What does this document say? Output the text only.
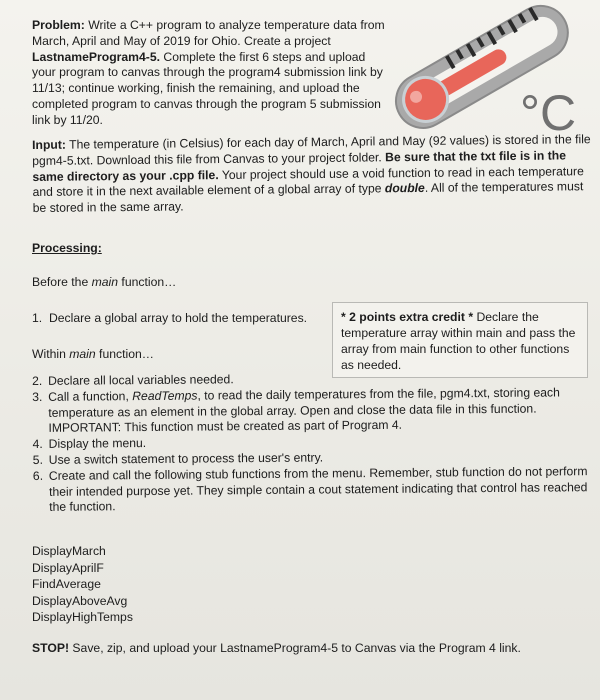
Problem: Write a C++ program to analyze temperature data from March, April and May of 2019 for Ohio. Create a project LastnameProgram4-5. Complete the first 6 steps and upload your program to canvas through the program4 submission link by 11/13; continue working, finish the remaining, and upload the completed program to canvas through the program 5 submission link by 11/20.	°C
Input: The temperature (in Celsius) for each day of March, April and May (92 values) is stored in the file pgm4-5.txt. Download this file from Canvas to your project folder. Be sure that the txt file is in the same directory as your .cpp file. Your project should use a void function to read in each temperature and store it in the next available element of a global array of type double. All of the temperatures must be stored in the same array.
Processing:
Before the main function…
1. Declare a global array to hold the temperatures.
Within main function…
* 2 points extra credit * Declare the temperature array within main and pass the array from main function to other functions as needed.
2. Declare all local variables needed.
3. Call a function, ReadTemps, to read the daily temperatures from the file, pgm4.txt, storing each temperature as an element in the global array. Open and close the data file in this function. IMPORTANT: This function must be created as part of Program 4.
4. Display the menu.
5. Use a switch statement to process the user's entry.
6. Create and call the following stub functions from the menu. Remember, stub function do not perform their intended purpose yet. They simple contain a cout statement indicating that control has reached the function.
DisplayMarch
DisplayAprilF
FindAverage
DisplayAboveAvg
DisplayHighTemps
STOP! Save, zip, and upload your LastnameProgram4-5 to Canvas via the Program 4 link.
